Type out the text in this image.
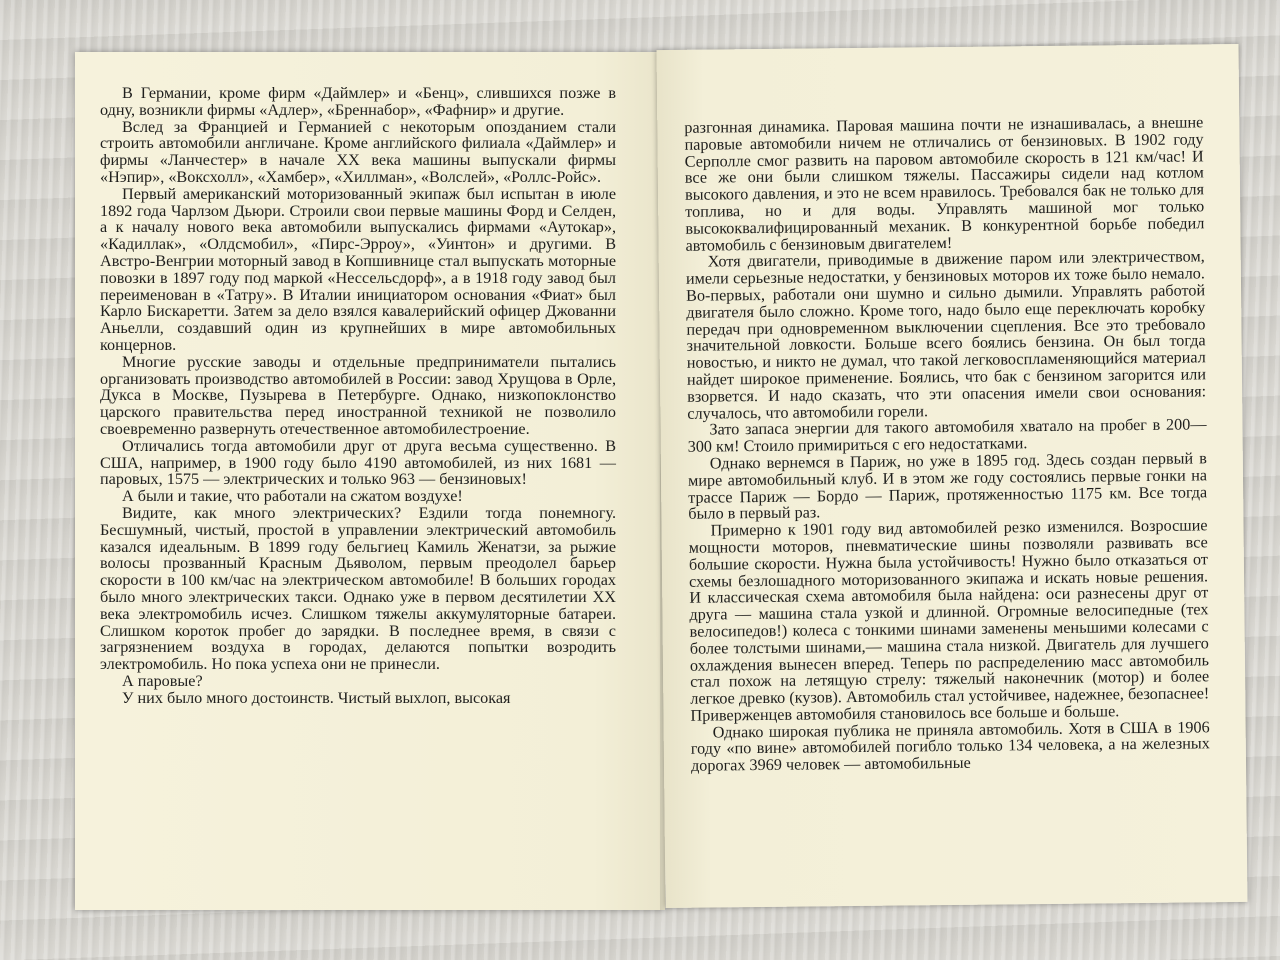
В Германии, кроме фирм «Даймлер» и «Бенц», слившихся позже в одну, возникли фирмы «Адлер», «Бреннабор», «Фафнир» и другие.

Вслед за Францией и Германией с некоторым опозданием стали строить автомобили англичане. Кроме английского филиала «Даймлер» и фирмы «Ланчестер» в начале XX века машины выпускали фирмы «Нэпир», «Воксхолл», «Хамбер», «Хиллман», «Волслей», «Роллс-Ройс».

Первый американский моторизованный экипаж был испытан в июле 1892 года Чарлзом Дьюри. Строили свои первые машины Форд и Селден, а к началу нового века автомобили выпускались фирмами «Аутокар», «Кадиллак», «Олдсмобил», «Пирс-Эрроу», «Уинтон» и другими. В Австро-Венгрии моторный завод в Копшивнице стал выпускать моторные повозки в 1897 году под маркой «Нессельсдорф», а в 1918 году завод был переименован в «Татру». В Италии инициатором основания «Фиат» был Карло Бискаретти. Затем за дело взялся кавалерийский офицер Джованни Аньелли, создавший один из крупнейших в мире автомобильных концернов.

Многие русские заводы и отдельные предприниматели пытались организовать производство автомобилей в России: завод Хрущова в Орле, Дукса в Москве, Пузырева в Петербурге. Однако, низкопоклонство царского правительства перед иностранной техникой не позволило своевременно развернуть отечественное автомобилестроение.

Отличались тогда автомобили друг от друга весьма существенно. В США, например, в 1900 году было 4190 автомобилей, из них 1681 — паровых, 1575 — электрических и только 963 — бензиновых!

А были и такие, что работали на сжатом воздухе!

Видите, как много электрических? Ездили тогда понемногу. Бесшумный, чистый, простой в управлении электрический автомобиль казался идеальным. В 1899 году бельгиец Камиль Женатзи, за рыжие волосы прозванный Красным Дьяволом, первым преодолел барьер скорости в 100 км/час на электрическом автомобиле! В больших городах было много электрических такси. Однако уже в первом десятилетии XX века электромобиль исчез. Слишком тяжелы аккумуляторные батареи. Слишком короток пробег до зарядки. В последнее время, в связи с загрязнением воздуха в городах, делаются попытки возродить электромобиль. Но пока успеха они не принесли.

А паровые?

У них было много достоинств. Чистый выхлоп, высокая

разгонная динамика. Паровая машина почти не изнашивалась, а внешне паровые автомобили ничем не отличались от бензиновых. В 1902 году Серполле смог развить на паровом автомобиле скорость в 121 км/час! И все же они были слишком тяжелы. Пассажиры сидели над котлом высокого давления, и это не всем нравилось. Требовался бак не только для топлива, но и для воды. Управлять машиной мог только высококвалифицированный механик. В конкурентной борьбе победил автомобиль с бензиновым двигателем!

Хотя двигатели, приводимые в движение паром или электричеством, имели серьезные недостатки, у бензиновых моторов их тоже было немало. Во-первых, работали они шумно и сильно дымили. Управлять работой двигателя было сложно. Кроме того, надо было еще переключать коробку передач при одновременном выключении сцепления. Все это требовало значительной ловкости. Больше всего боялись бензина. Он был тогда новостью, и никто не думал, что такой легковоспламеняющийся материал найдет широкое применение. Боялись, что бак с бензином загорится или взорвется. И надо сказать, что эти опасения имели свои основания: случалось, что автомобили горели.

Зато запаса энергии для такого автомобиля хватало на пробег в 200—300 км! Стоило примириться с его недостатками.

Однако вернемся в Париж, но уже в 1895 год. Здесь создан первый в мире автомобильный клуб. И в этом же году состоялись первые гонки на трассе Париж — Бордо — Париж, протяженностью 1175 км. Все тогда было в первый раз.

Примерно к 1901 году вид автомобилей резко изменился. Возросшие мощности моторов, пневматические шины позволяли развивать все большие скорости. Нужна была устойчивость! Нужно было отказаться от схемы безлошадного моторизованного экипажа и искать новые решения. И классическая схема автомобиля была найдена: оси разнесены друг от друга — машина стала узкой и длинной. Огромные велосипедные (тех велосипедов!) колеса с тонкими шинами заменены меньшими колесами с более толстыми шинами,— машина стала низкой. Двигатель для лучшего охлаждения вынесен вперед. Теперь по распределению масс автомобиль стал похож на летящую стрелу: тяжелый наконечник (мотор) и более легкое древко (кузов). Автомобиль стал устойчивее, надежнее, безопаснее! Приверженцев автомобиля становилось все больше и больше.

Однако широкая публика не приняла автомобиль. Хотя в США в 1906 году «по вине» автомобилей погибло только 134 человека, а на железных дорогах 3969 человек — автомобильные
